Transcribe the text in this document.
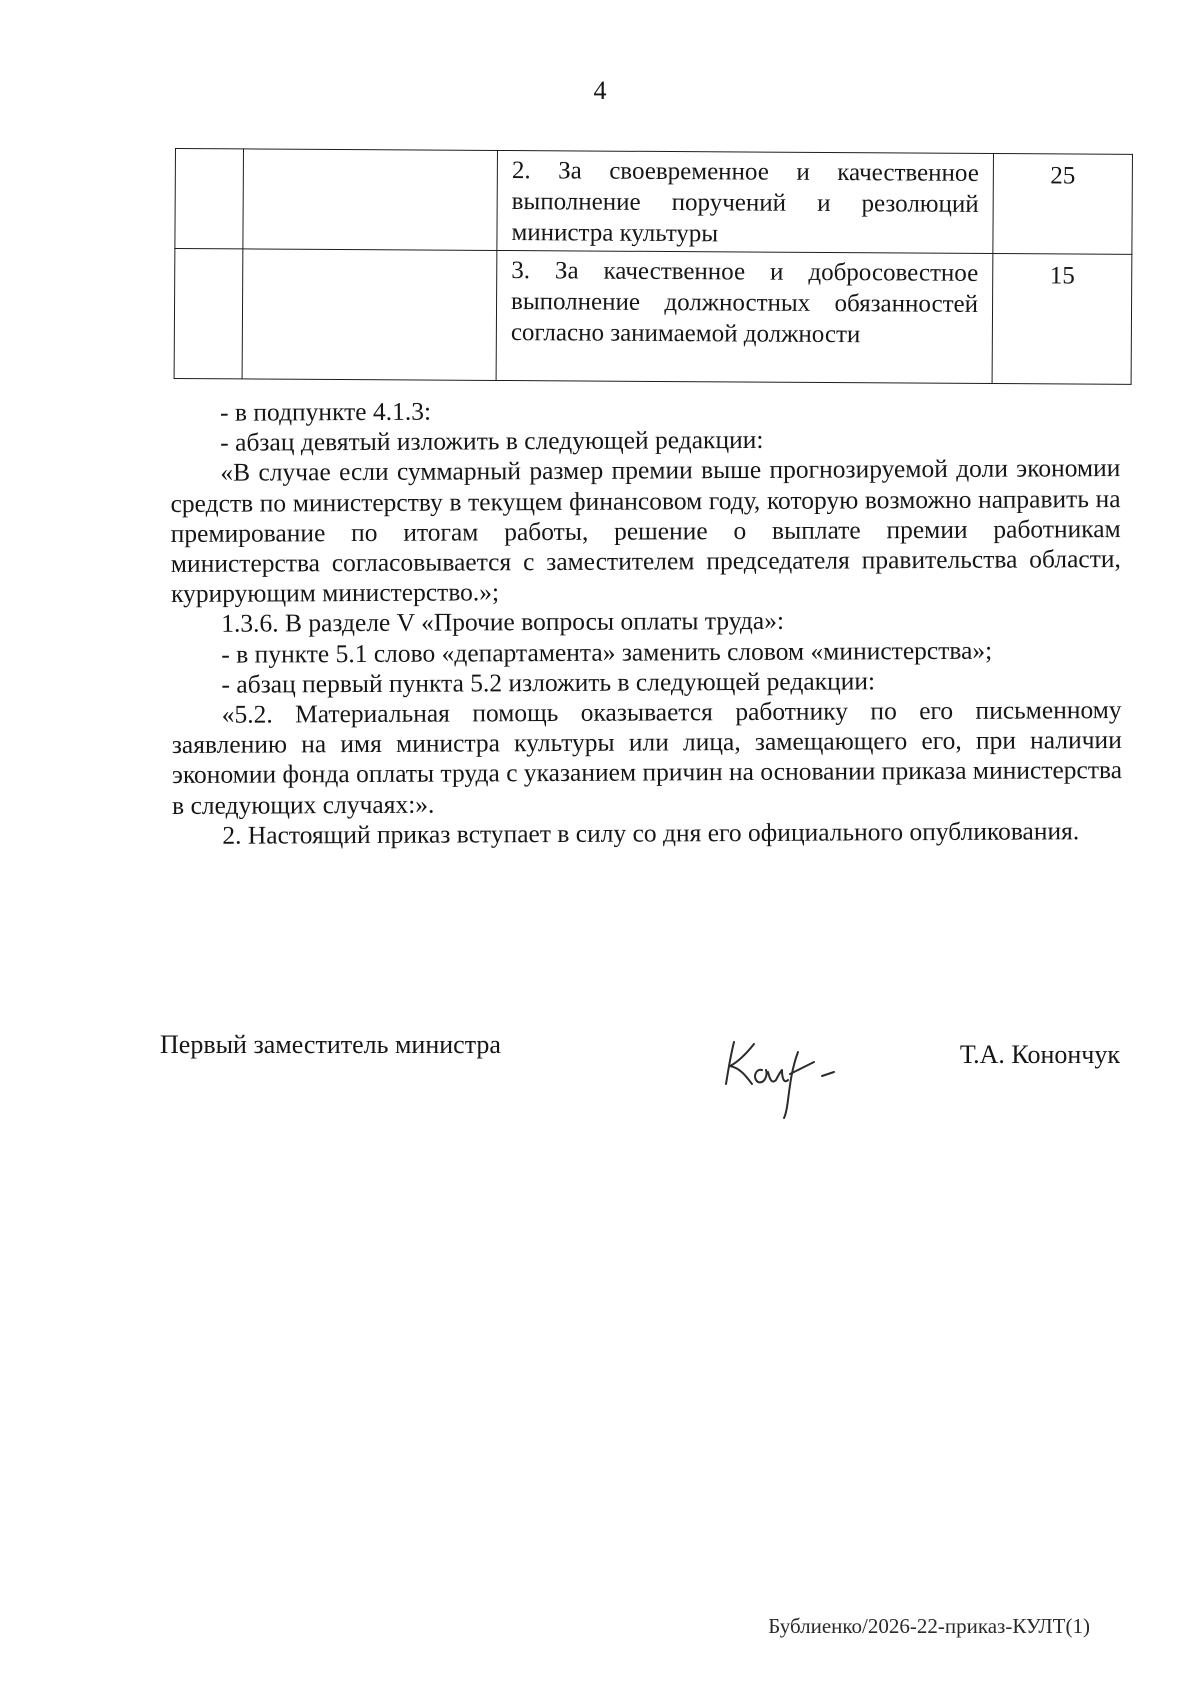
4

		2. За своевременное и качественное выполнение поручений и резолюций министра культуры	25

		3. За качественное и добросовестное выполнение должностных обязанностей согласно занимаемой должности	15

- в подпункте 4.1.3:

- абзац девятый изложить в следующей редакции:

«В случае если суммарный размер премии выше прогнозируемой доли экономии средств по министерству в текущем финансовом году, которую возможно направить на премирование по итогам работы, решение о выплате премии работникам министерства согласовывается с заместителем председателя правительства области, курирующим министерство.»;

1.3.6. В разделе V «Прочие вопросы оплаты труда»:

- в пункте 5.1 слово «департамента» заменить словом «министерства»;

- абзац первый пункта 5.2 изложить в следующей редакции:

«5.2. Материальная помощь оказывается работнику по его письменному заявлению на имя министра культуры или лица, замещающего его, при наличии экономии фонда оплаты труда с указанием причин на основании приказа министерства в следующих случаях:».

2. Настоящий приказ вступает в силу со дня его официального опубликования.

Первый заместитель министра	Т.А. Конончук
Бублиенко/2026-22-приказ-КУЛТ(1)
